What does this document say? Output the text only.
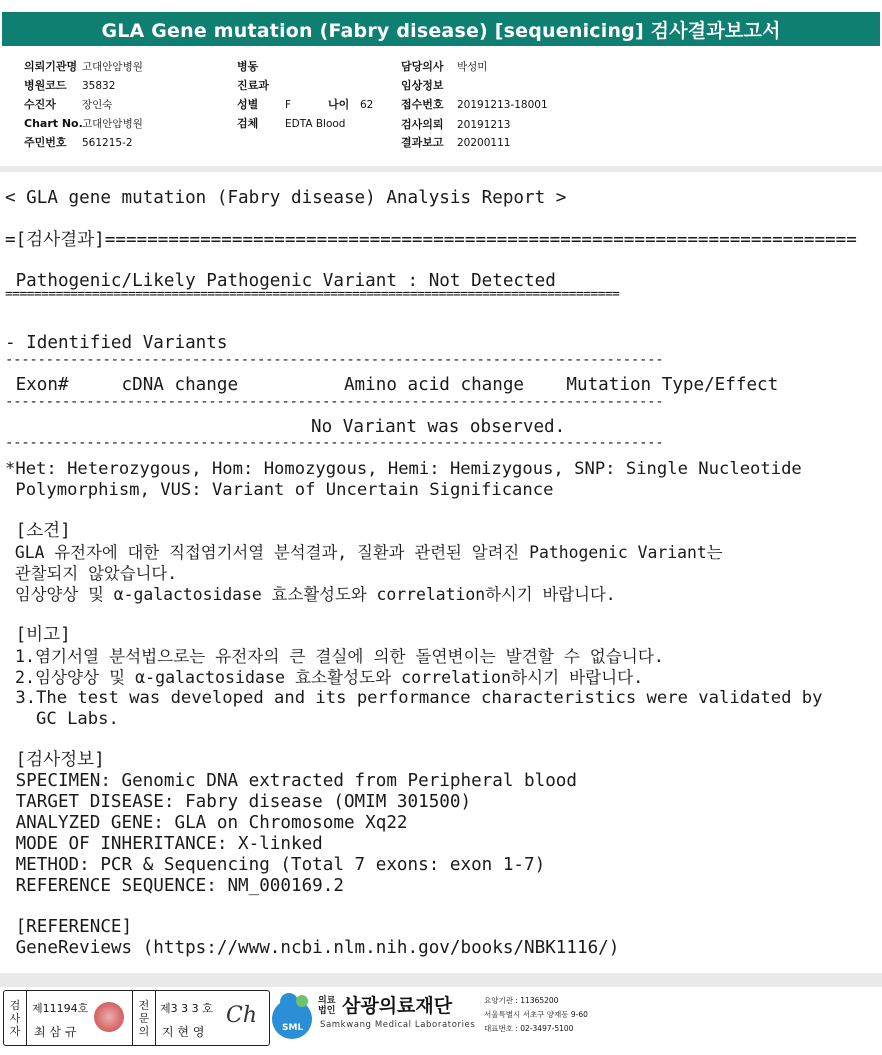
GLA Gene mutation (Fabry disease) [sequenicing] 검사결과보고서
의뢰기관명 고대안암병원
병원코드 35832
수진자 장인숙
Chart No.고대안암병원
주민번호 561215-2
병동
진료과
성별	F	나이 62
검체	EDTA Blood
담당의사 박성미
임상정보
접수번호 20191213-18001
검사의뢰 20191213
결과보고 20200111
< GLA gene mutation (Fabry disease) Analysis Report >
=[검사결과]=======================================================================
Pathogenic/Likely Pathogenic Variant : Not Detected
=====================================================================================
- Identified Variants
---------------------------------------------------------------------------------
Exon#     cDNA change          Amino acid change    Mutation Type/Effect
---------------------------------------------------------------------------------
No Variant was observed.
---------------------------------------------------------------------------------
*Het: Heterozygous, Hom: Homozygous, Hemi: Hemizygous, SNP: Single Nucleotide
Polymorphism, VUS: Variant of Uncertain Significance
[소견]
GLA 유전자에 대한 직접염기서열 분석결과, 질환과 관련된 알려진 Pathogenic Variant는
관찰되지 않았습니다.
임상양상 및 α-galactosidase 효소활성도와 correlation하시기 바랍니다.
[비고]
1.염기서열 분석법으로는 유전자의 큰 결실에 의한 돌연변이는 발견할 수 없습니다.
2.임상양상 및 α-galactosidase 효소활성도와 correlation하시기 바랍니다.
3.The test was developed and its performance characteristics were validated by
GC Labs.
[검사정보]
SPECIMEN: Genomic DNA extracted from Peripheral blood
TARGET DISEASE: Fabry disease (OMIM 301500)
ANALYZED GENE: GLA on Chromosome Xq22
MODE OF INHERITANCE: X-linked
METHOD: PCR & Sequencing (Total 7 exons: exon 1-7)
REFERENCE SEQUENCE: NM_000169.2
[REFERENCE]
GeneReviews (https://www.ncbi.nlm.nih.gov/books/NBK1116/)
검
사
자
제11194호
최 삼 규
전
문
의
제3 3 3 호
지 현 영
Ch	SML
의료
법인 삼광의료재단
Samkwang Medical Laboratories
요양기관 : 11365200
서울특별시 서초구 양재동 9-60
대표번호 : 02-3497-5100
